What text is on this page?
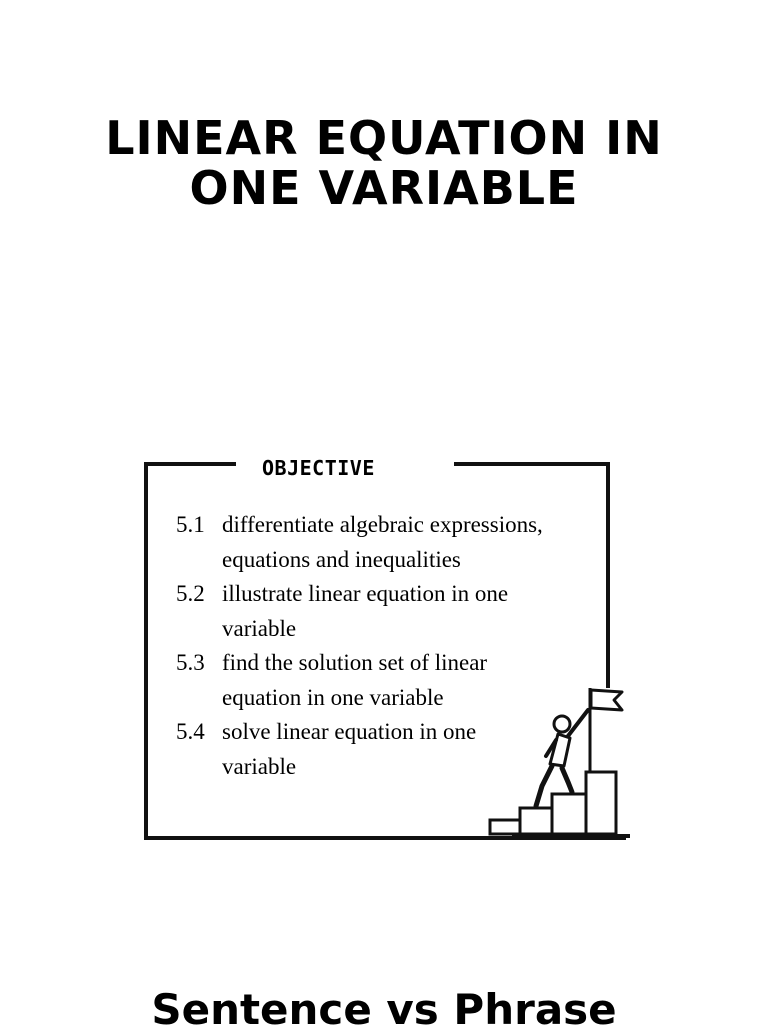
LINEAR EQUATION IN
ONE VARIABLE
OBJECTIVE
5.1 differentiate algebraic expressions, equations and inequalities
5.2 illustrate linear equation in one variable
5.3 find the solution set of linear equation in one variable
5.4 solve linear equation in one variable
Sentence vs Phrase
